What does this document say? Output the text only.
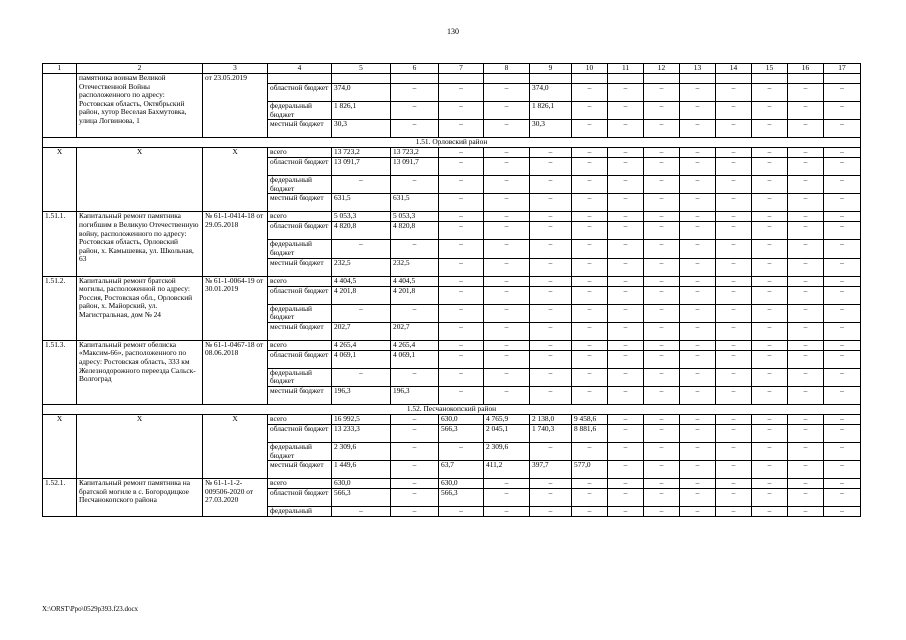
130
1	2	3	4	5	6	7	8	9	10	11	12	13	14	15	16	17
	памятника воинам Великой Отечественной Войны расположенного по адресу: Ростовская область, Октябрьский район, хутор Веселая Бахмутовка, улица Логвинова, 1	от 23.05.2019														
			областной бюджет	374,0	–	–	–	374,0	–	–	–	–	–	–	–	–
			федеральный бюджет	1 826,1	–	–	–	1 826,1	–	–	–	–	–	–	–	–
			местный бюджет	30,3	–	–	–	30,3	–	–	–	–	–	–	–	–
1.51. Орловский район																
Х	Х	Х	всего	13 723,2	13 723,2	–	–	–	–	–	–	–	–	–	–	–
			областной бюджет	13 091,7	13 091,7	–	–	–	–	–	–	–	–	–	–	–
			федеральный бюджет	–	–	–	–	–	–	–	–	–	–	–	–	–
			местный бюджет	631,5	631,5	–	–	–	–	–	–	–	–	–	–	–
1.51.1.	Капитальный ремонт памятника погибшим в Великую Отечественную войну, расположенного по адресу: Ростовская область, Орловский район, х. Камышевка, ул. Школьная, 63	№ 61-1-0414-18 от 29.05.2018	всего	5 053,3	5 053,3	–	–	–	–	–	–	–	–	–	–	–
			областной бюджет	4 820,8	4 820,8	–	–	–	–	–	–	–	–	–	–	–
			федеральный бюджет	–	–	–	–	–	–	–	–	–	–	–	–	–
			местный бюджет	232,5	232,5	–	–	–	–	–	–	–	–	–	–	–
1.51.2.	Капитальный ремонт братской могилы, расположенной по адресу: Россия, Ростовская обл., Орловский район, х. Майорский, ул. Магистральная, дом № 24	№ 61-1-0064-19 от 30.01.2019	всего	4 404,5	4 404,5	–	–	–	–	–	–	–	–	–	–	–
			областной бюджет	4 201,8	4 201,8	–	–	–	–	–	–	–	–	–	–	–
			федеральный бюджет	–	–	–	–	–	–	–	–	–	–	–	–	–
			местный бюджет	202,7	202,7	–	–	–	–	–	–	–	–	–	–	–
1.51.3.	Капитальный ремонт обелиска «Максим-66», расположенного по адресу: Ростовская область, 333 км Железнодорожного переезда Сальск-Волгоград	№ 61-1-0467-18 от 08.06.2018	всего	4 265,4	4 265,4	–	–	–	–	–	–	–	–	–	–	–
			областной бюджет	4 069,1	4 069,1	–	–	–	–	–	–	–	–	–	–	–
			федеральный бюджет	–	–	–	–	–	–	–	–	–	–	–	–	–
			местный бюджет	196,3	196,3	–	–	–	–	–	–	–	–	–	–	–
1.52. Песчанокопский район																
Х	Х	Х	всего	16 992,5	–	630,0	4 765,9	2 138,0	9 458,6	–	–	–	–	–	–	–
			областной бюджет	13 233,3	–	566,3	2 045,1	1 740,3	8 881,6	–	–	–	–	–	–	–
			федеральный бюджет	2 309,6	–	–	2 309,6	–	–	–	–	–	–	–	–	–
			местный бюджет	1 449,6	–	63,7	411,2	397,7	577,0	–	–	–	–	–	–	–
1.52.1.	Капитальный ремонт памятника на братской могиле в с. Богородицкое Песчанокопского района	№ 61-1-1-2-009506-2020 от 27.03.2020	всего	630,0	–	630,0	–	–	–	–	–	–	–	–	–	–
			областной бюджет	566,3	–	566,3	–	–	–	–	–	–	–	–	–	–
			федеральный	–	–	–	–	–	–	–	–	–	–	–	–	–
X:\ORST\Ppo\0529p393.f23.docx
